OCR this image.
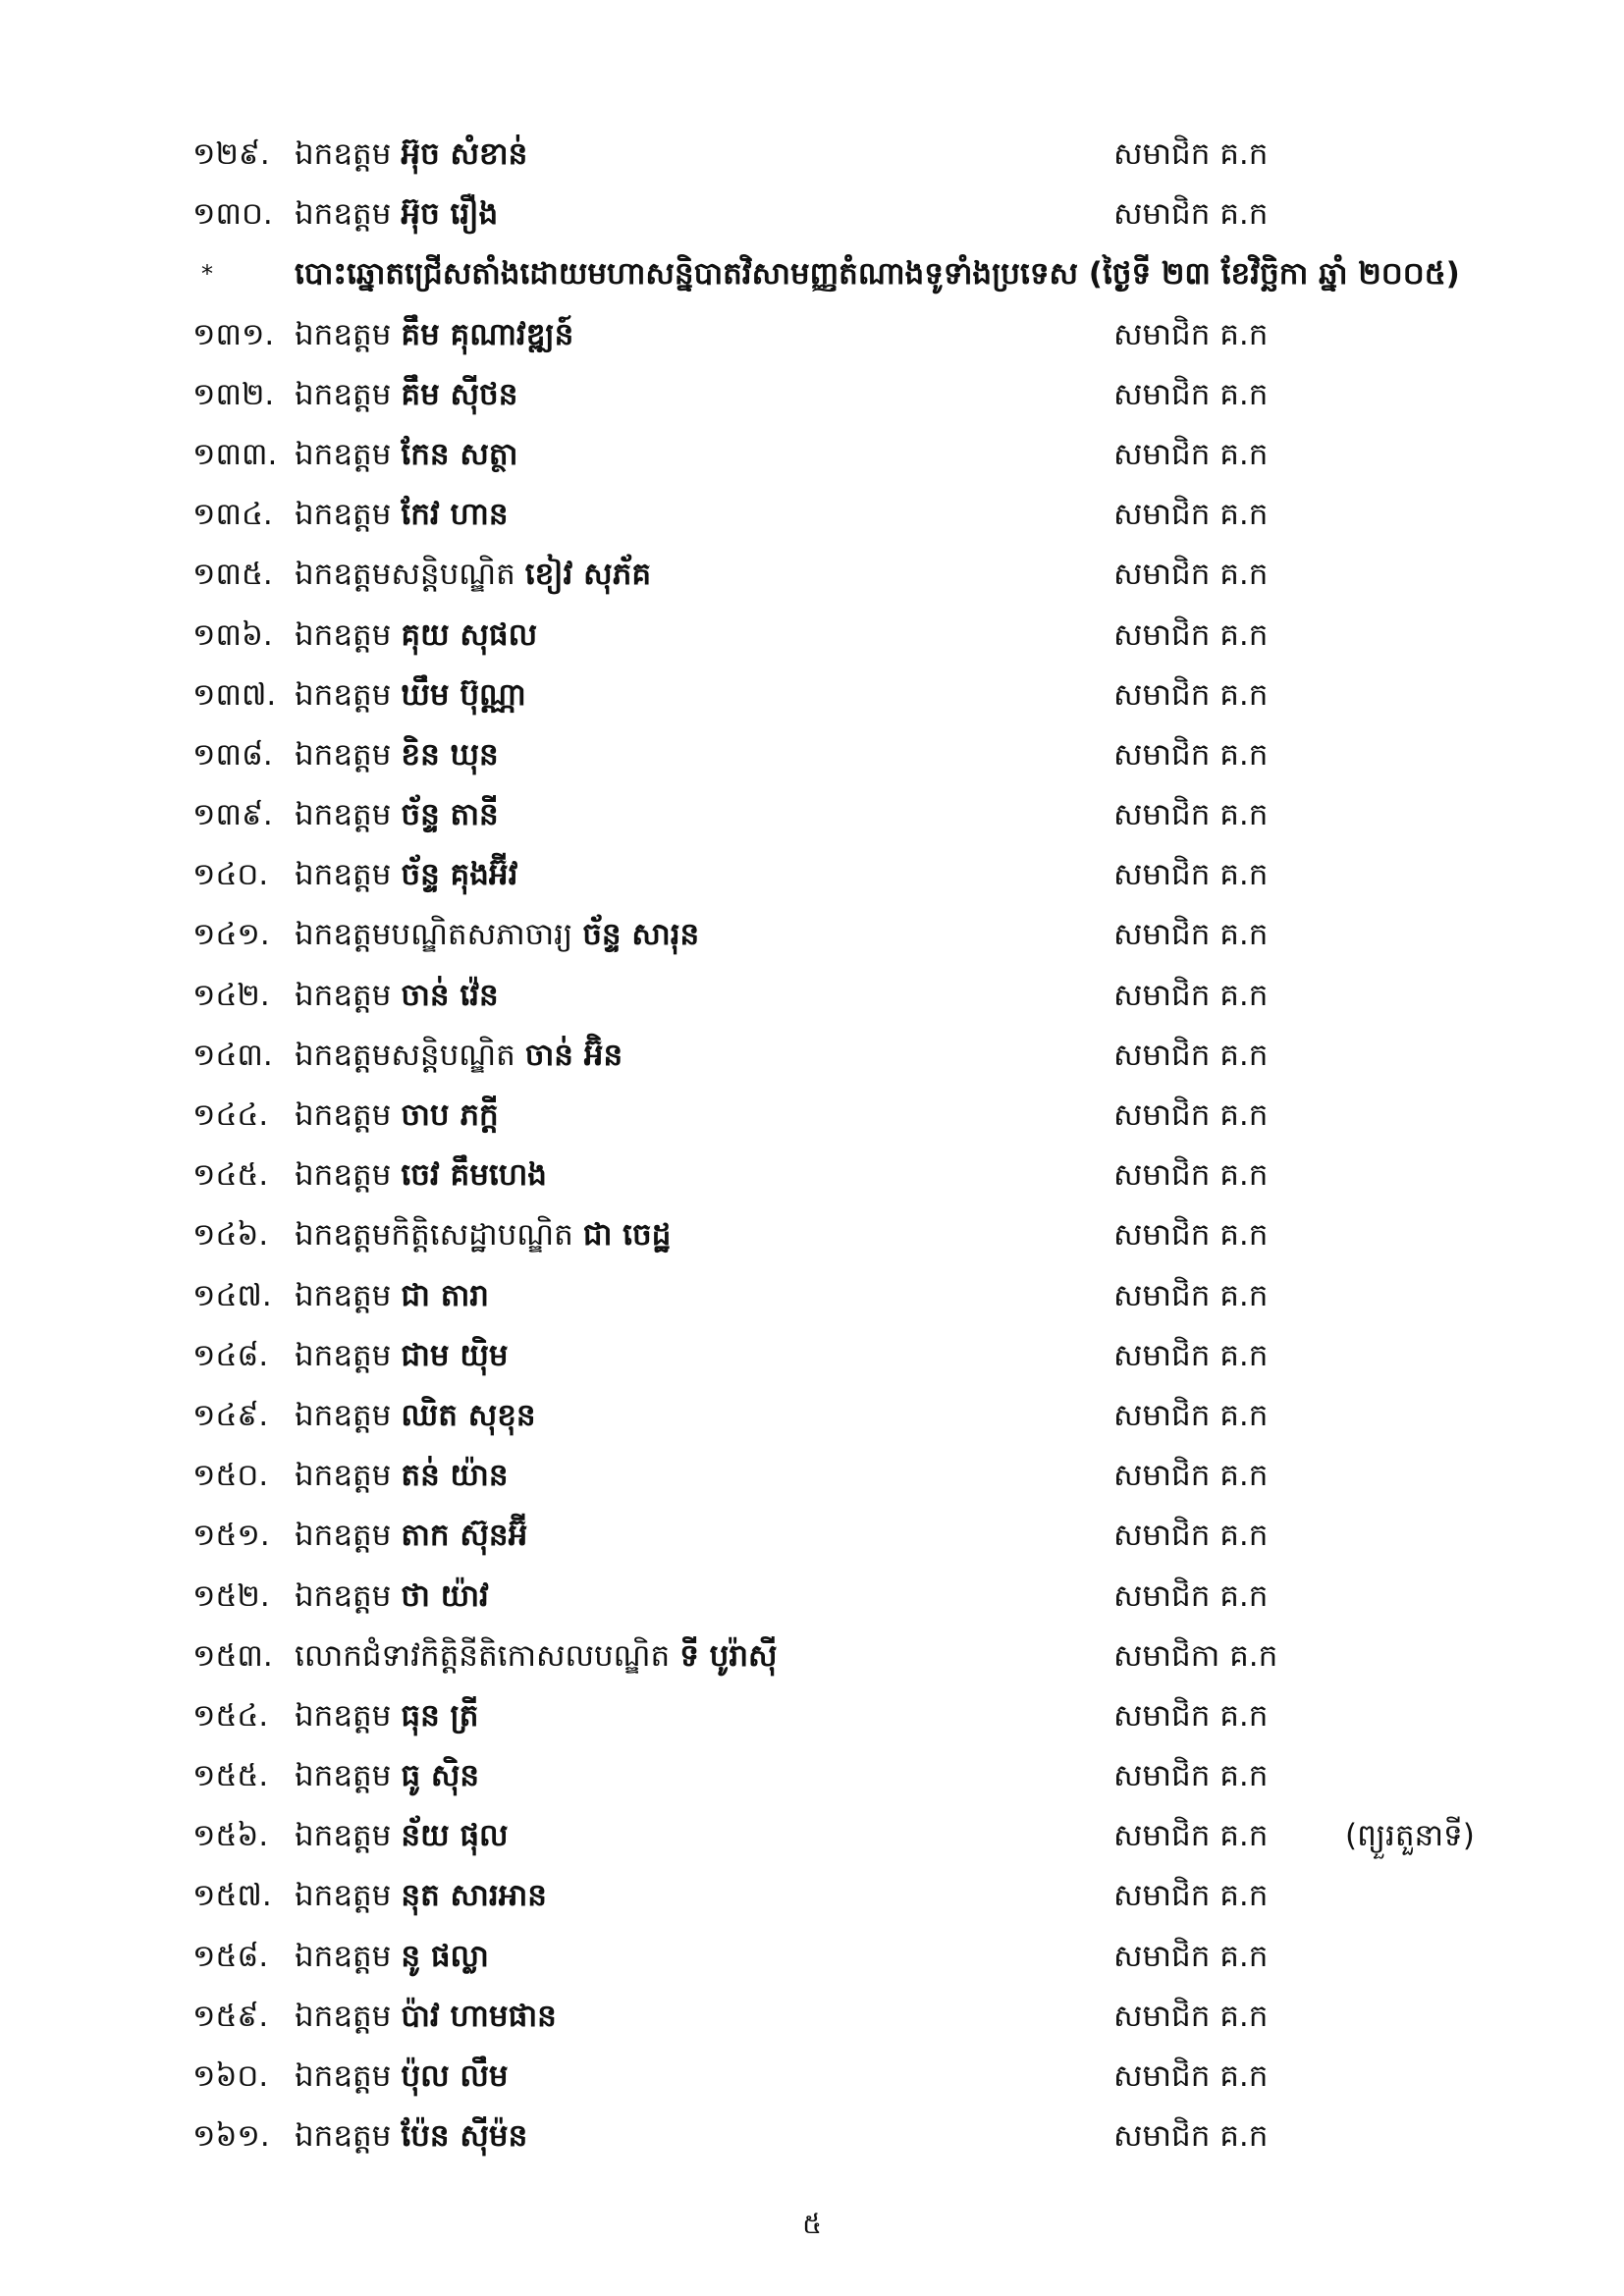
១២៩. ឯកឧត្តម អ៊ុច សំខាន់	សមាជិក គ.ក
១៣០. ឯកឧត្តម អ៊ុច រឿង	សមាជិក គ.ក
*	បោះឆ្នោតជ្រើសតាំងដោយមហាសន្និបាតវិសាមញ្ញតំណាងទូទាំងប្រទេស (ថ្ងៃទី ២៣ ខែវិច្ឆិកា ឆ្នាំ ២០០៥)
១៣១. ឯកឧត្តម គឹម គុណាវឌ្ឍន៍	សមាជិក គ.ក
១៣២. ឯកឧត្តម គឹម ស៊ីថន	សមាជិក គ.ក
១៣៣. ឯកឧត្តម កែន សត្ថា	សមាជិក គ.ក
១៣៤. ឯកឧត្តម កែវ ហាន	សមាជិក គ.ក
១៣៥. ឯកឧត្តមសន្តិបណ្ឌិត ខៀវ សុភ័គ	សមាជិក គ.ក
១៣៦. ឯកឧត្តម គុយ សុផល	សមាជិក គ.ក
១៣៧. ឯកឧត្តម ឃឹម ប៊ុណ្ណា	សមាជិក គ.ក
១៣៨. ឯកឧត្តម ខិន ឃុន	សមាជិក គ.ក
១៣៩. ឯកឧត្តម ច័ន្ទ តានី	សមាជិក គ.ក
១៤០. ឯកឧត្តម ច័ន្ទ គុងអ៊ីវ	សមាជិក គ.ក
១៤១. ឯកឧត្តមបណ្ឌិតសភាចារ្យ ច័ន្ទ សារុន	សមាជិក គ.ក
១៤២. ឯកឧត្តម ចាន់ វ៉េន	សមាជិក គ.ក
១៤៣. ឯកឧត្តមសន្តិបណ្ឌិត ចាន់ អ៊ិន	សមាជិក គ.ក
១៤៤. ឯកឧត្តម ចាប ភក្តី	សមាជិក គ.ក
១៤៥. ឯកឧត្តម ចេវ គឹមហេង	សមាជិក គ.ក
១៤៦. ឯកឧត្តមកិត្តិសេដ្ឋាបណ្ឌិត ជា ចេដ្ឋ	សមាជិក គ.ក
១៤៧. ឯកឧត្តម ជា តារា	សមាជិក គ.ក
១៤៨. ឯកឧត្តម ជាម យ៉ិម	សមាជិក គ.ក
១៤៩. ឯកឧត្តម ឈិត សុខុន	សមាជិក គ.ក
១៥០. ឯកឧត្តម តន់ យ៉ាន	សមាជិក គ.ក
១៥១. ឯកឧត្តម តាក ស៊ុនអ៊ី	សមាជិក គ.ក
១៥២. ឯកឧត្តម ថា យ៉ាវ	សមាជិក គ.ក
១៥៣. លោកជំទាវកិត្តិនីតិកោសលបណ្ឌិត ទី បូរ៉ាស៊ី	សមាជិកា គ.ក
១៥៤. ឯកឧត្តម ធុន ត្រី	សមាជិក គ.ក
១៥៥. ឯកឧត្តម ធូ ស៊ិន	សមាជិក គ.ក
១៥៦. ឯកឧត្តម ន័យ ផុល	សមាជិក គ.ក	(ព្យួរតួនាទី)
១៥៧. ឯកឧត្តម នុត សារអាន	សមាជិក គ.ក
១៥៨. ឯកឧត្តម នូ ផល្លា	សមាជិក គ.ក
១៥៩. ឯកឧត្តម ប៉ាវ ហាមផាន	សមាជិក គ.ក
១៦០. ឯកឧត្តម ប៉ុល លឹម	សមាជិក គ.ក
១៦១. ឯកឧត្តម ប៉ែន ស៊ីម៉ន	សមាជិក គ.ក
៥
